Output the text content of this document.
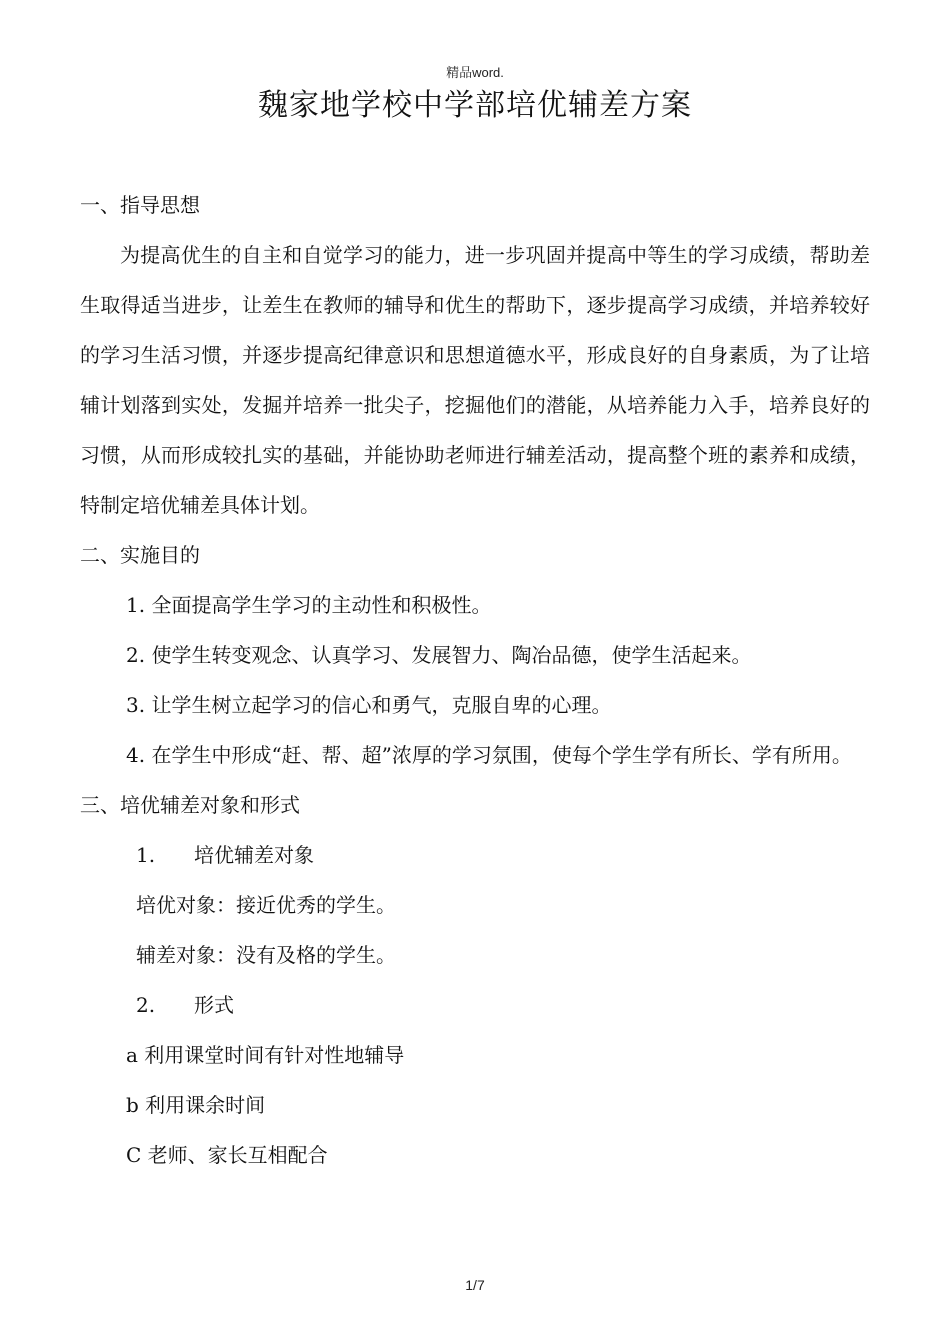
精品word.
魏家地学校中学部培优辅差方案

一、指导思想

为提高优生的自主和自觉学习的能力，进一步巩固并提高中等生的学习成绩，帮助差生取得适当进步，让差生在教师的辅导和优生的帮助下，逐步提高学习成绩，并培养较好的学习生活习惯，并逐步提高纪律意识和思想道德水平，形成良好的自身素质，为了让培辅计划落到实处，发掘并培养一批尖子，挖掘他们的潜能，从培养能力入手，培养良好的习惯，从而形成较扎实的基础，并能协助老师进行辅差活动，提高整个班的素养和成绩，特制定培优辅差具体计划。

二、实施目的

1. 全面提高学生学习的主动性和积极性。

2. 使学生转变观念、认真学习、发展智力、陶冶品德，使学生活起来。

3. 让学生树立起学习的信心和勇气，克服自卑的心理。

4. 在学生中形成“赶、帮、超”浓厚的学习氛围，使每个学生学有所长、学有所用。

三、培优辅差对象和形式

1. 培优辅差对象

培优对象：接近优秀的学生。

辅差对象：没有及格的学生。

2. 形式

a 利用课堂时间有针对性地辅导

b 利用课余时间

C 老师、家长互相配合

1/7
